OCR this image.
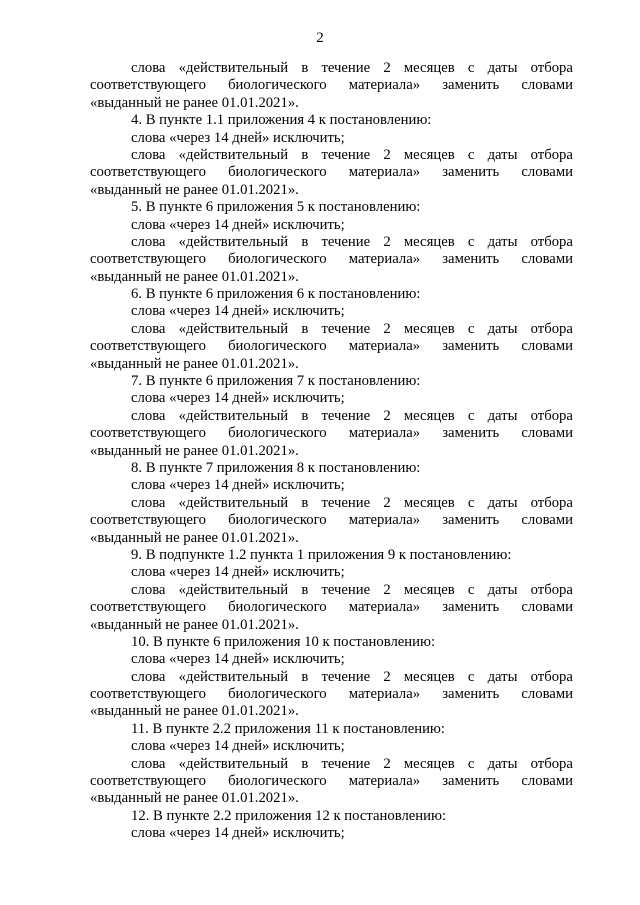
2
слова «действительный в течение 2 месяцев с даты отбора
соответствующего биологического материала» заменить словами
«выданный не ранее 01.01.2021».
4. В пункте 1.1 приложения 4 к постановлению:
слова «через 14 дней» исключить;
слова «действительный в течение 2 месяцев с даты отбора
соответствующего биологического материала» заменить словами
«выданный не ранее 01.01.2021».
5. В пункте 6 приложения 5 к постановлению:
слова «через 14 дней» исключить;
слова «действительный в течение 2 месяцев с даты отбора
соответствующего биологического материала» заменить словами
«выданный не ранее 01.01.2021».
6. В пункте 6 приложения 6 к постановлению:
слова «через 14 дней» исключить;
слова «действительный в течение 2 месяцев с даты отбора
соответствующего биологического материала» заменить словами
«выданный не ранее 01.01.2021».
7. В пункте 6 приложения 7 к постановлению:
слова «через 14 дней» исключить;
слова «действительный в течение 2 месяцев с даты отбора
соответствующего биологического материала» заменить словами
«выданный не ранее 01.01.2021».
8. В пункте 7 приложения 8 к постановлению:
слова «через 14 дней» исключить;
слова «действительный в течение 2 месяцев с даты отбора
соответствующего биологического материала» заменить словами
«выданный не ранее 01.01.2021».
9. В подпункте 1.2 пункта 1 приложения 9 к постановлению:
слова «через 14 дней» исключить;
слова «действительный в течение 2 месяцев с даты отбора
соответствующего биологического материала» заменить словами
«выданный не ранее 01.01.2021».
10. В пункте 6 приложения 10 к постановлению:
слова «через 14 дней» исключить;
слова «действительный в течение 2 месяцев с даты отбора
соответствующего биологического материала» заменить словами
«выданный не ранее 01.01.2021».
11. В пункте 2.2 приложения 11 к постановлению:
слова «через 14 дней» исключить;
слова «действительный в течение 2 месяцев с даты отбора
соответствующего биологического материала» заменить словами
«выданный не ранее 01.01.2021».
12. В пункте 2.2 приложения 12 к постановлению:
слова «через 14 дней» исключить;
